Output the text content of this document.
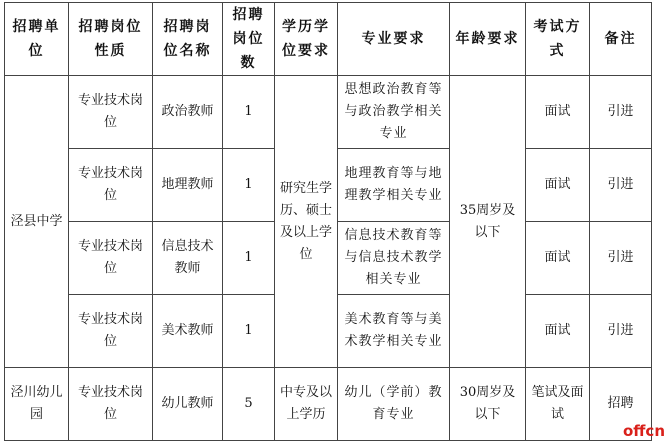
招聘单位	招聘岗位性质	招聘岗位名称	招聘岗位数	学历学位要求	专业要求	年龄要求	考试方式	备注
泾县中学	专业技术岗位	政治教师	1	研究生学历、硕士及以上学位	思想政治教育等与政治教学相关专业	35周岁及以下	面试	引进
	专业技术岗位	地理教师	1		地理教育等与地理教学相关专业		面试	引进
	专业技术岗位	信息技术教师	1		信息技术教育等与信息技术教学相关专业		面试	引进
	专业技术岗位	美术教师	1		美术教育等与美术教学相关专业		面试	引进
泾川幼儿园	专业技术岗位	幼儿教师	5	中专及以上学历	幼儿（学前）教育专业	30周岁及以下	笔试及面试	招聘
offcn
